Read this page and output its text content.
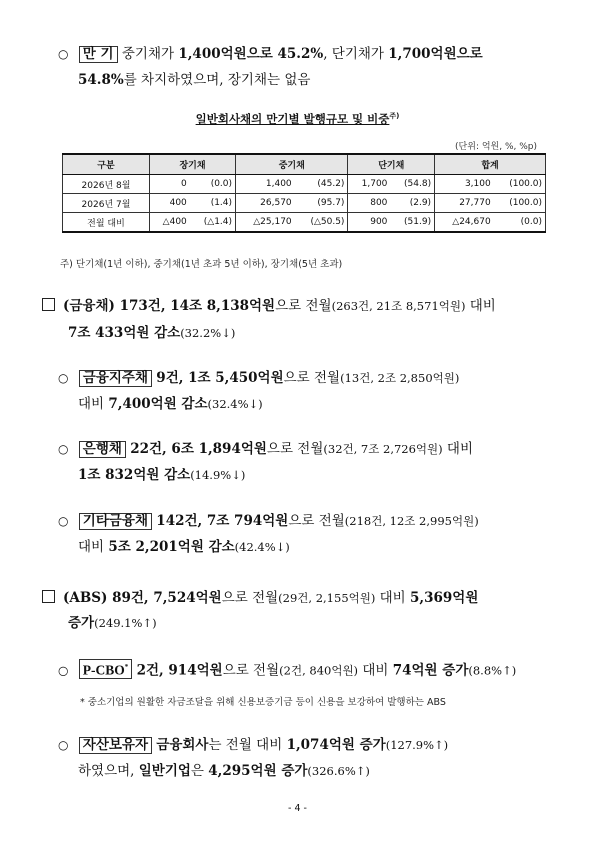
○ 만 기 중기채가 1,400억원으로 45.2%, 단기채가 1,700억원으로
54.8%를 차지하였으며, 장기채는 없음
일반회사채의 만기별 발행규모 및 비중$^{주)}$
(단위: 억원, %, %p)
구분	장기채		중기채		단기채		합계	
2026년 8월	0	(0.0)	1,400	(45.2)	1,700	(54.8)	3,100	(100.0)
2026년 7월	400	(1.4)	26,570	(95.7)	800	(2.9)	27,770	(100.0)
전월 대비	△400	(△1.4)	△25,170	(△50.5)	900	(51.9)	△24,670	(0.0)
주) 단기채(1년 이하), 중기채(1년 초과 5년 이하), 장기채(5년 초과)
(금융채) 173건, 14조 8,138억원으로 전월(263건, 21조 8,571억원) 대비
7조 433억원 감소(32.2%↓)
○ 금융지주채 9건, 1조 5,450억원으로 전월(13건, 2조 2,850억원)
대비 7,400억원 감소(32.4%↓)
○ 은행채 22건, 6조 1,894억원으로 전월(32건, 7조 2,726억원) 대비
1조 832억원 감소(14.9%↓)
○ 기타금융채 142건, 7조 794억원으로 전월(218건, 12조 2,995억원)
대비 5조 2,201억원 감소(42.4%↓)
(ABS) 89건, 7,524억원으로 전월(29건, 2,155억원) 대비 5,369억원
증가(249.1%↑)
○ P-CBO* 2건, 914억원으로 전월(2건, 840억원) 대비 74억원 증가(8.8%↑)
* 중소기업의 원활한 자금조달을 위해 신용보증기금 등이 신용을 보강하여 발행하는 ABS
○ 자산보유자 금융회사는 전월 대비 1,074억원 증가(127.9%↑)
하였으며, 일반기업은 4,295억원 증가(326.6%↑)
- 4 -
